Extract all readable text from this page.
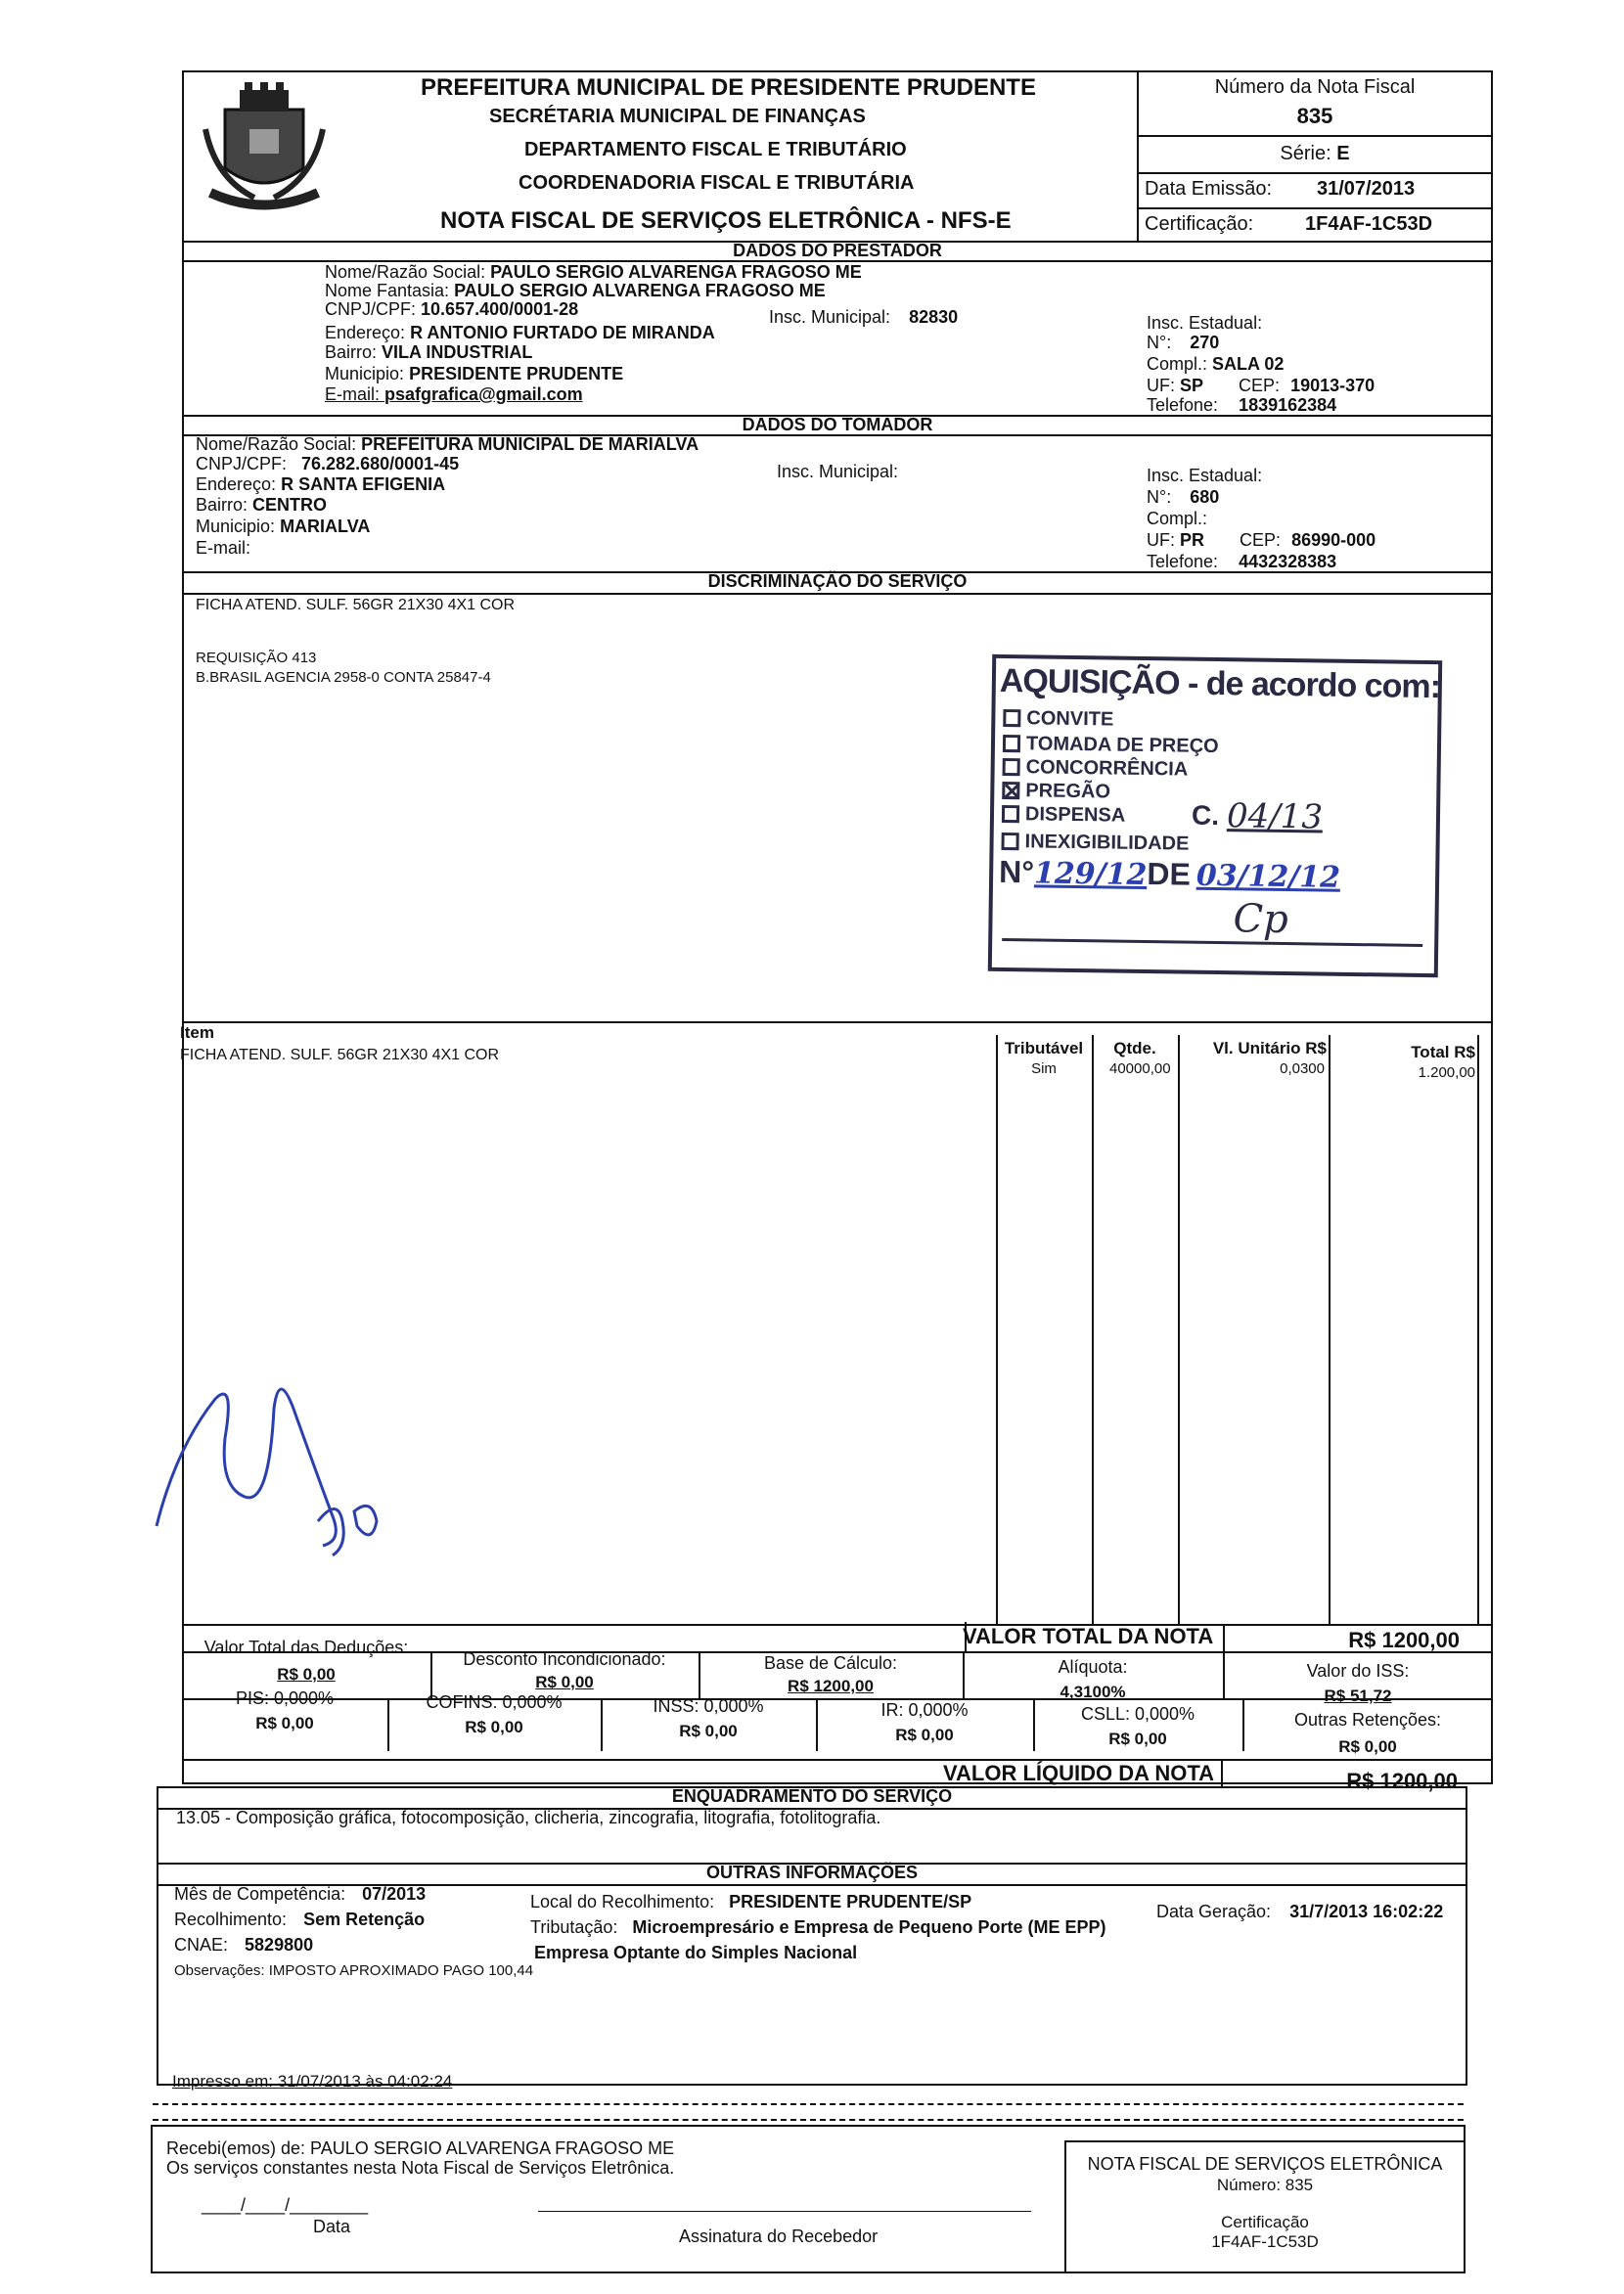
PREFEITURA MUNICIPAL DE PRESIDENTE PRUDENTE
SECRÉTARIA MUNICIPAL DE FINANÇAS
DEPARTAMENTO FISCAL E TRIBUTÁRIO
COORDENADORIA FISCAL E TRIBUTÁRIA
NOTA FISCAL DE SERVIÇOS ELETRÔNICA - NFS-E
Número da Nota Fiscal
835
Série: E
Data Emissão: 31/07/2013
Certificação:	1F4AF-1C53D
DADOS DO PRESTADOR
Nome/Razão Social: PAULO SERGIO ALVARENGA FRAGOSO ME
Nome Fantasia: PAULO SERGIO ALVARENGA FRAGOSO ME
CNPJ/CPF: 10.657.400/0001-28	Insc. Municipal: 82830
Endereço: R ANTONIO FURTADO DE MIRANDA
Bairro: VILA INDUSTRIAL
Municipio: PRESIDENTE PRUDENTE
E-mail: psafgrafica@gmail.com
Insc. Estadual:
N°: 270
Compl.: SALA 02
UF: SP CEP: 19013-370
Telefone: 1839162384
DADOS DO TOMADOR
Nome/Razão Social: PREFEITURA MUNICIPAL DE MARIALVA
CNPJ/CPF: 76.282.680/0001-45	Insc. Municipal:
Endereço: R SANTA EFIGENIA
Bairro: CENTRO
Municipio: MARIALVA
E-mail:
Insc. Estadual:
N°: 680
Compl.:
UF: PR CEP: 86990-000
Telefone: 4432328383
DISCRIMINAÇÃO DO SERVIÇO
FICHA ATEND. SULF. 56GR 21X30 4X1 COR
REQUISIÇÃO 413
B.BRASIL AGENCIA 2958-0 CONTA 25847-4	AQUISIÇÃO - de acordo com:
CONVITE
TOMADA DE PREÇO
CONCORRÊNCIA
PREGÃO
DISPENSA C. 04/13
INEXIGIBILIDADE
N°129/12DE 03/12/12
Cp
Item
Tributável	Qtde.	Vl. Unitário R$	Total R$
FICHA ATEND. SULF. 56GR 21X30 4X1 COR
Sim	40000,00	0,0300	1.200,00
VALOR TOTAL DA NOTA	R$ 1200,00
Valor Total das Deduções:
R$ 0,00
Desconto Incondicionado:
R$ 0,00
Base de Cálculo:
R$ 1200,00
Alíquota:
4,3100%
Valor do ISS:
R$ 51,72
PIS: 0,000%
R$ 0,00
COFINS: 0,000%
R$ 0,00
INSS: 0,000%
R$ 0,00
IR: 0,000%
R$ 0,00
CSLL: 0,000%
R$ 0,00
Outras Retenções:
R$ 0,00
VALOR LÍQUIDO DA NOTA	R$ 1200,00
ENQUADRAMENTO DO SERVIÇO
13.05 - Composição gráfica, fotocomposição, clicheria, zincografia, litografia, fotolitografia.
OUTRAS INFORMAÇÕES
Mês de Competência: 07/2013
Recolhimento: Sem Retenção
CNAE: 5829800
Observações: IMPOSTO APROXIMADO PAGO 100,44
Local do Recolhimento: PRESIDENTE PRUDENTE/SP
Tributação: Microempresário e Empresa de Pequeno Porte (ME EPP)
Empresa Optante do Simples Nacional
Data Geração: 31/7/2013 16:02:22
Impresso em: 31/07/2013 às 04:02:24
Recebi(emos) de: PAULO SERGIO ALVARENGA FRAGOSO ME
Os serviços constantes nesta Nota Fiscal de Serviços Eletrônica.
____/____/________
Data	Assinatura do Recebedor
NOTA FISCAL DE SERVIÇOS ELETRÔNICA
Número: 835
Certificação
1F4AF-1C53D
